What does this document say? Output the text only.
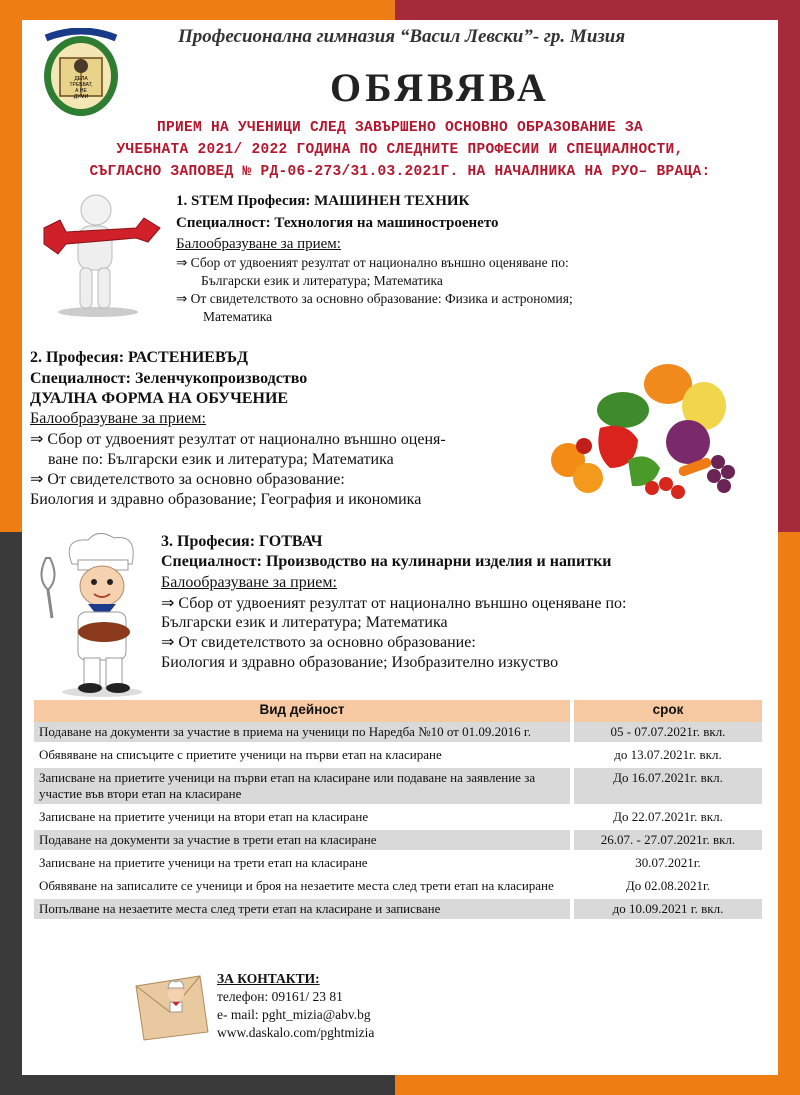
ДЕЛА
ТРЕБВАТ,
А НЕ
ДУМИ
Професионална гимназия “Васил Левски”- гр. Мизия
ОБЯВЯВА
ПРИЕМ НА УЧЕНИЦИ СЛЕД ЗАВЪРШЕНО ОСНОВНО ОБРАЗОВАНИЕ ЗА
УЧЕБНАТА 2021/ 2022 ГОДИНА ПО СЛЕДНИТЕ ПРОФЕСИИ И СПЕЦИАЛНОСТИ,
СЪГЛАСНО ЗАПОВЕД № РД-06-273/31.03.2021Г. НА НАЧАЛНИКА НА РУО– ВРАЦА:
1. STEM Професия: МАШИНЕН ТЕХНИК
Специалност: Технология на машиностроенето
Балообразуване за прием:
⇒ Сбор от удвоеният резултат от национално външно оценяване по:
Български език и литература; Математика
⇒ От свидетелството за основно образование: Физика и астрономия;
Математика
2. Професия: РАСТЕНИЕВЪД
Специалност: Зеленчукопроизводство
ДУАЛНА ФОРМА НА ОБУЧЕНИЕ
Балообразуване за прием:
⇒ Сбор от удвоеният резултат от национално външно оценя-
ване по: Български език и литература; Математика
⇒ От свидетелството за основно образование:
Биология и здравно образование; География и икономика
3. Професия: ГОТВАЧ
Специалност: Производство на кулинарни изделия и напитки
Балообразуване за прием:
⇒ Сбор от удвоеният резултат от национално външно оценяване по:
Български език и литература; Математика
⇒ От свидетелството за основно образование:
Биология и здравно образование; Изобразително изкуство
Вид дейност	срок
Подаване на документи за участие в приема на ученици по Наредба №10 от 01.09.2016 г.	05 - 07.07.2021г. вкл.
Обявяване на списъците с приетите ученици на първи етап на класиране	до 13.07.2021г. вкл.
Записване на приетите ученици на първи етап на класиране или подаване на заявление за участие във втори етап на класиране	До 16.07.2021г. вкл.
Записване на приетите ученици на втори етап на класиране	До 22.07.2021г. вкл.
Подаване на документи за участие в трети етап на класиране	26.07. - 27.07.2021г. вкл.
Записване на приетите ученици на трети етап на класиране	30.07.2021г.
Обявяване на записалите се ученици и броя на незаетите места след трети етап на класиране	До 02.08.2021г.
Попълване на незаетите места след трети етап на класиране и записване	до 10.09.2021 г. вкл.
ЗА КОНТАКТИ:
телефон: 09161/ 23 81
е- mail: pght_mizia@abv.bg
www.daskalo.com/pghtmizia
